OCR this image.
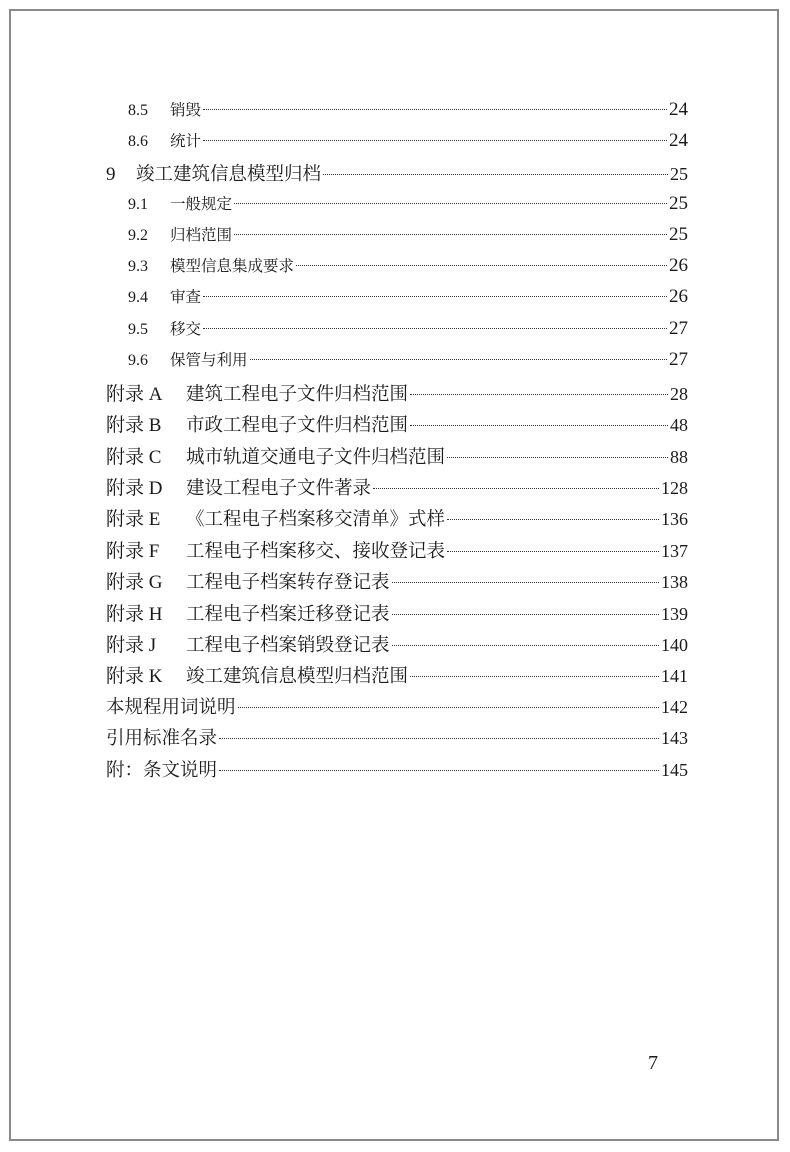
8.5	销毁	24
8.6	统计	24
9	竣工建筑信息模型归档	25
9.1	一般规定	25
9.2	归档范围	25
9.3	模型信息集成要求	26
9.4	审查	26
9.5	移交	27
9.6	保管与利用	27
附录 A	建筑工程电子文件归档范围	28
附录 B	市政工程电子文件归档范围	48
附录 C	城市轨道交通电子文件归档范围	88
附录 D	建设工程电子文件著录	128
附录 E	《工程电子档案移交清单》式样	136
附录 F	工程电子档案移交、接收登记表	137
附录 G	工程电子档案转存登记表	138
附录 H	工程电子档案迁移登记表	139
附录 J	工程电子档案销毁登记表	140
附录 K	竣工建筑信息模型归档范围	141
本规程用词说明	142
引用标准名录	143
附：条文说明	145
7
